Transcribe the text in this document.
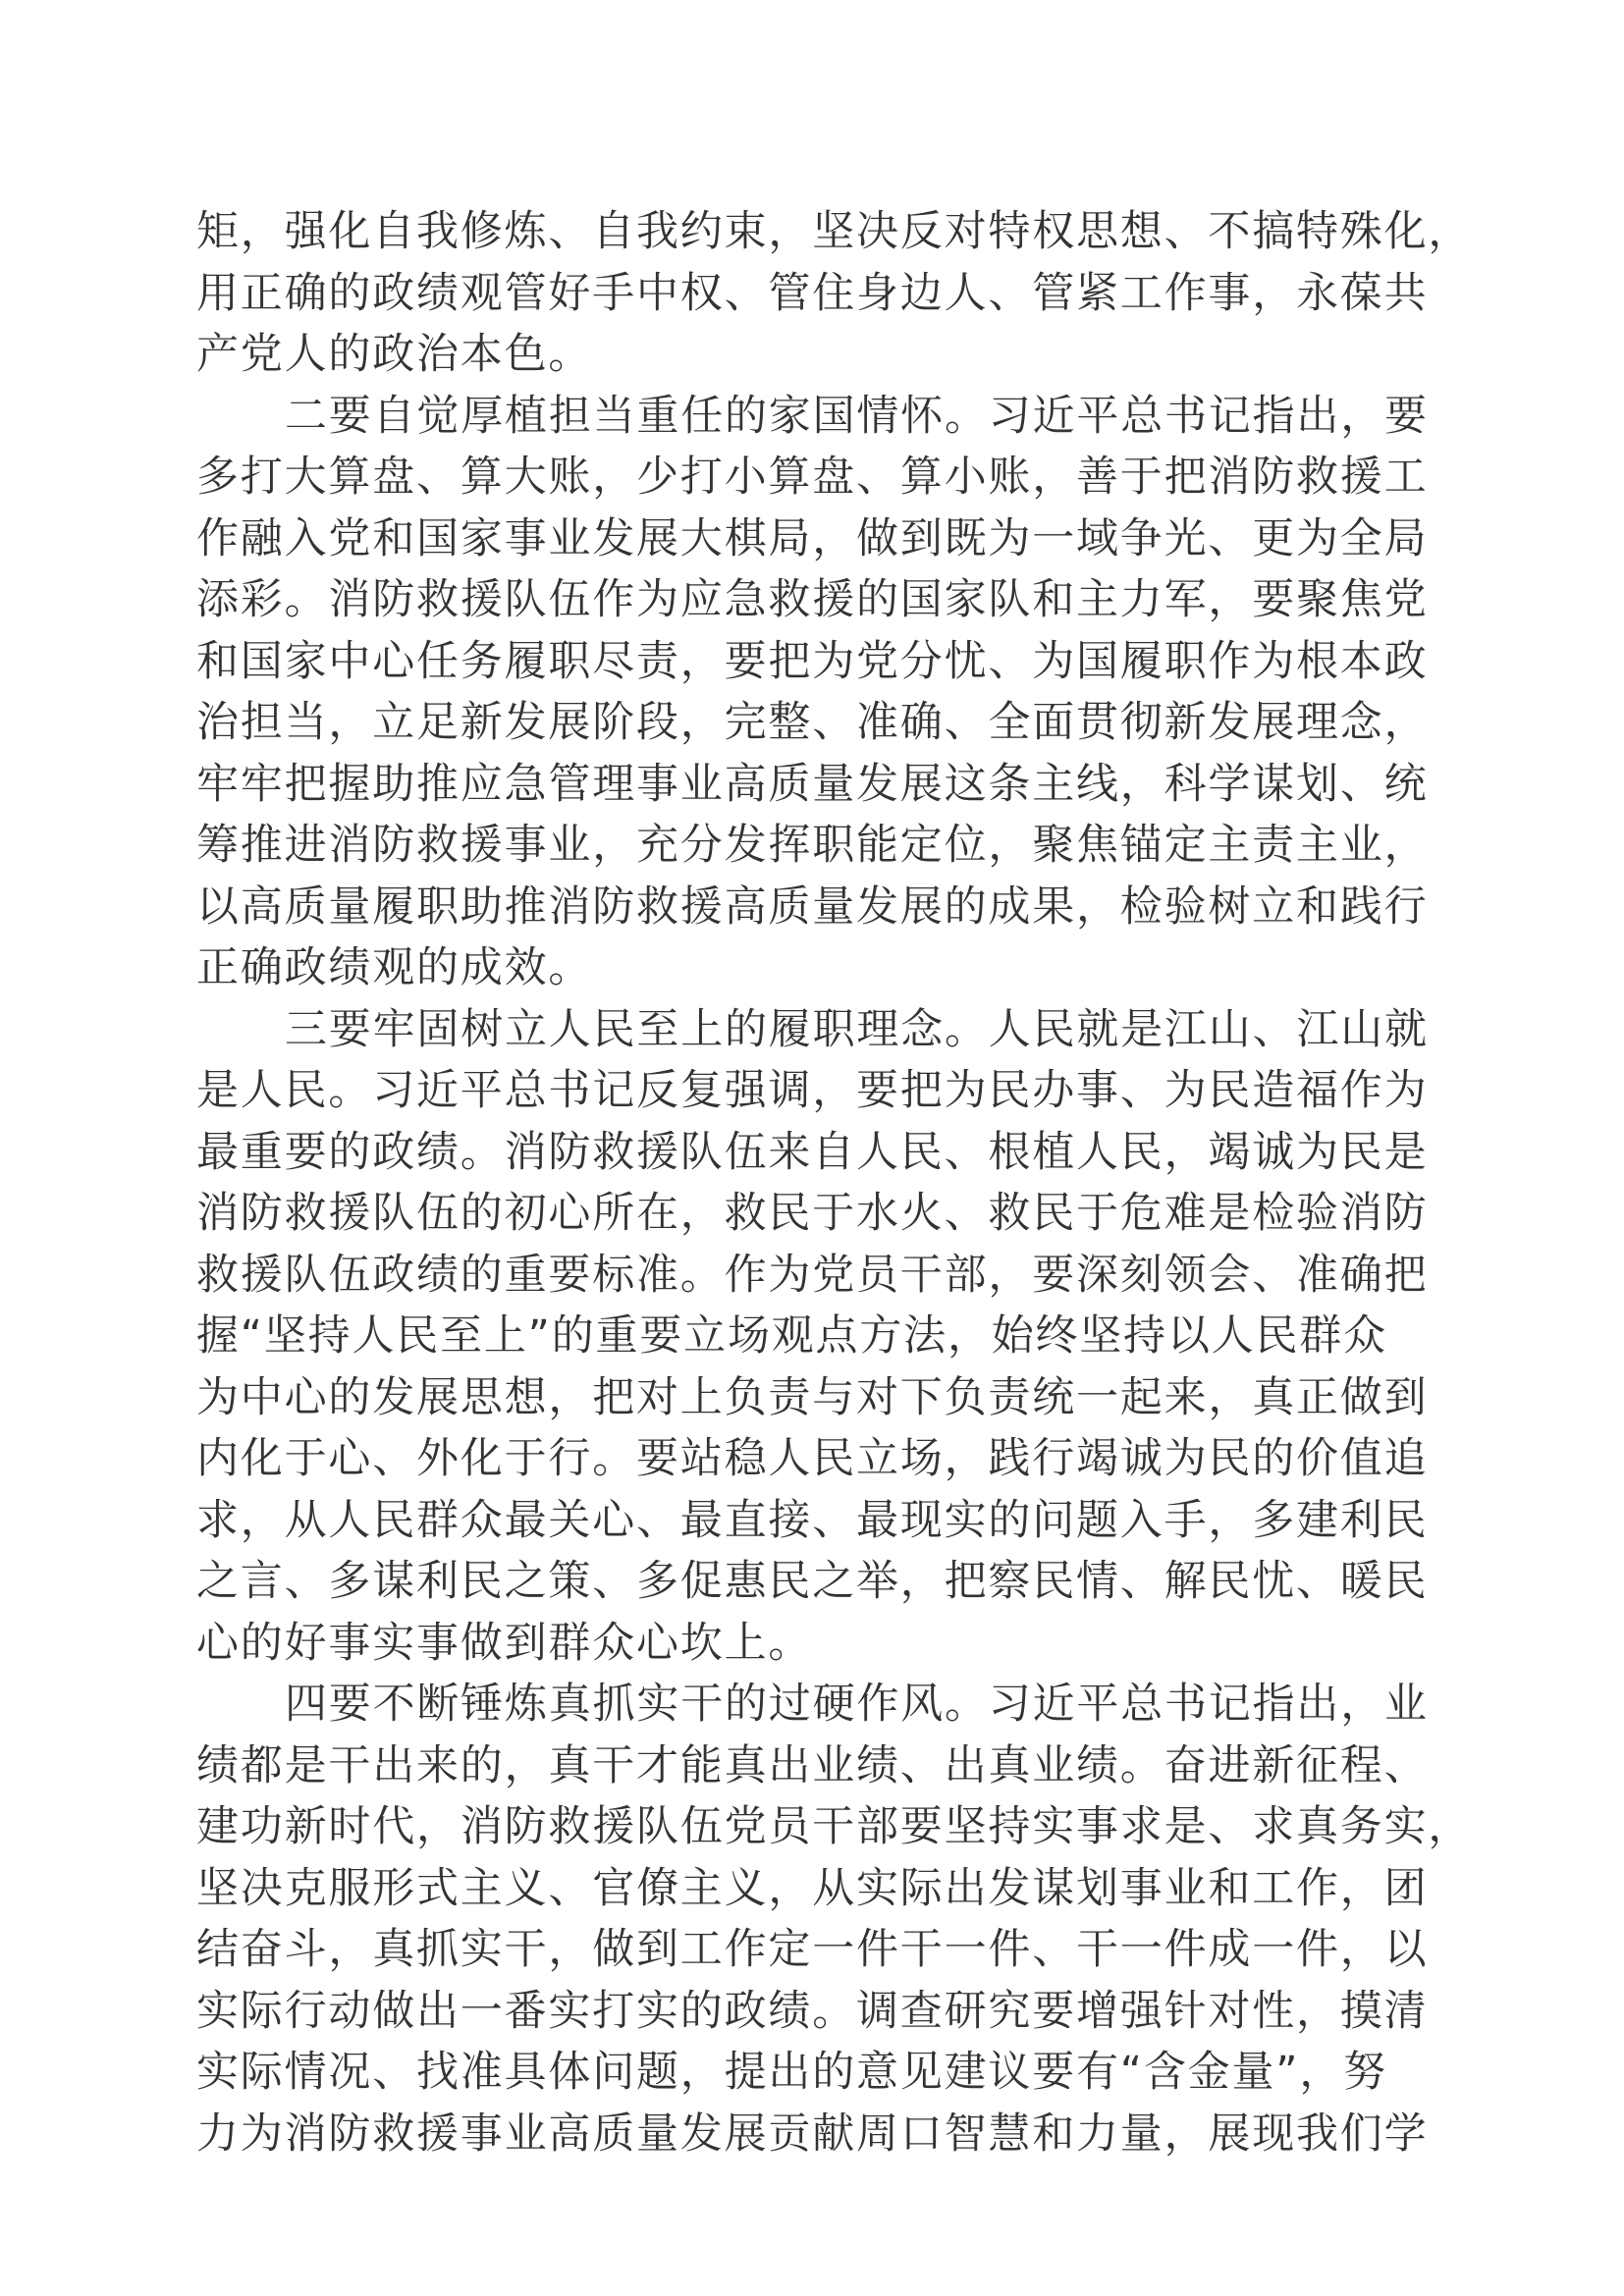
矩，强化自我修炼、自我约束，坚决反对特权思想、不搞特殊化，
用正确的政绩观管好手中权、管住身边人、管紧工作事，永葆共
产党人的政治本色。
二要自觉厚植担当重任的家国情怀。习近平总书记指出，要
多打大算盘、算大账，少打小算盘、算小账，善于把消防救援工
作融入党和国家事业发展大棋局，做到既为一域争光、更为全局
添彩。消防救援队伍作为应急救援的国家队和主力军，要聚焦党
和国家中心任务履职尽责，要把为党分忧、为国履职作为根本政
治担当，立足新发展阶段，完整、准确、全面贯彻新发展理念，
牢牢把握助推应急管理事业高质量发展这条主线，科学谋划、统
筹推进消防救援事业，充分发挥职能定位，聚焦锚定主责主业，
以高质量履职助推消防救援高质量发展的成果，检验树立和践行
正确政绩观的成效。
三要牢固树立人民至上的履职理念。人民就是江山、江山就
是人民。习近平总书记反复强调，要把为民办事、为民造福作为
最重要的政绩。消防救援队伍来自人民、根植人民，竭诚为民是
消防救援队伍的初心所在，救民于水火、救民于危难是检验消防
救援队伍政绩的重要标准。作为党员干部，要深刻领会、准确把
握“坚持人民至上”的重要立场观点方法，始终坚持以人民群众
为中心的发展思想，把对上负责与对下负责统一起来，真正做到
内化于心、外化于行。要站稳人民立场，践行竭诚为民的价值追
求，从人民群众最关心、最直接、最现实的问题入手，多建利民
之言、多谋利民之策、多促惠民之举，把察民情、解民忧、暖民
心的好事实事做到群众心坎上。
四要不断锤炼真抓实干的过硬作风。习近平总书记指出，业
绩都是干出来的，真干才能真出业绩、出真业绩。奋进新征程、
建功新时代，消防救援队伍党员干部要坚持实事求是、求真务实，
坚决克服形式主义、官僚主义，从实际出发谋划事业和工作，团
结奋斗，真抓实干，做到工作定一件干一件、干一件成一件，以
实际行动做出一番实打实的政绩。调查研究要增强针对性，摸清
实际情况、找准具体问题，提出的意见建议要有“含金量”，努
力为消防救援事业高质量发展贡献周口智慧和力量，展现我们学
